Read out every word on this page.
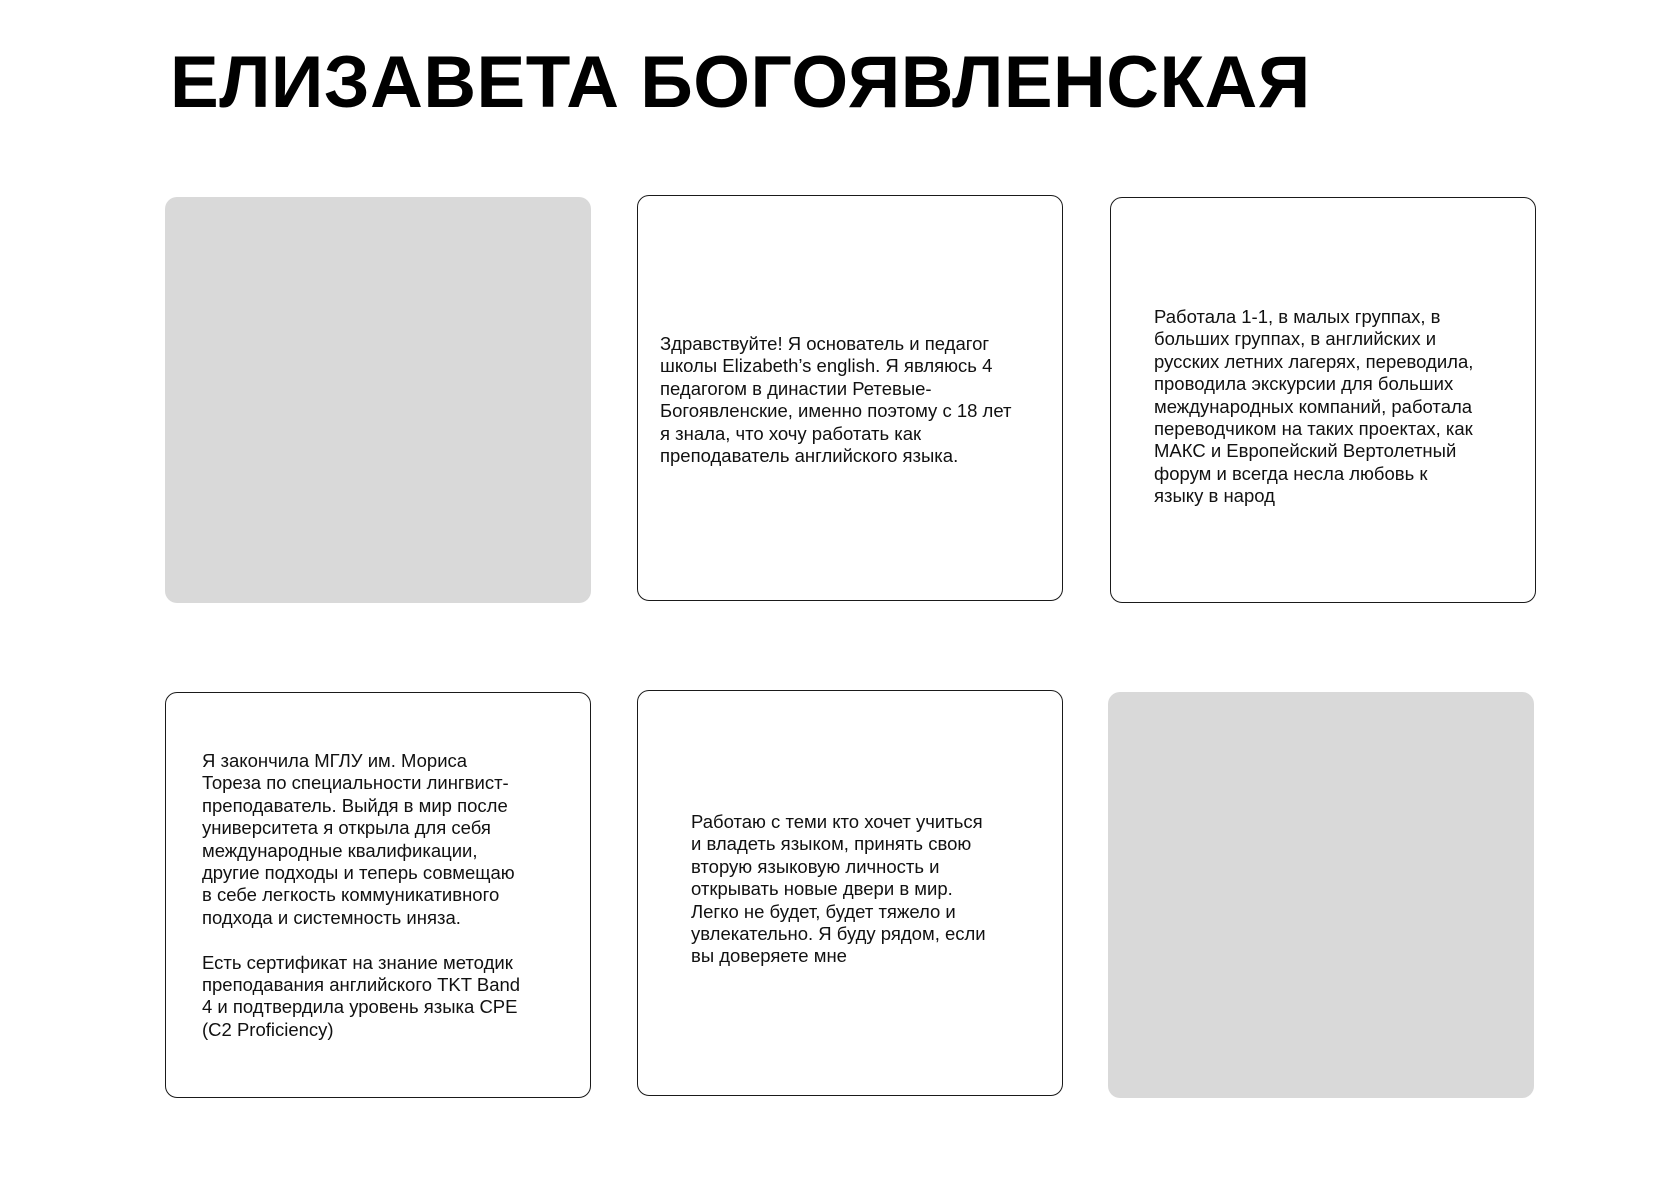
ЕЛИЗАВЕТА БОГОЯВЛЕНСКАЯ
Здравствуйте! Я основатель и педагог
школы Elizabeth’s english. Я являюсь 4
педагогом в династии Ретевые-
Богоявленские, именно поэтому с 18 лет
я знала, что хочу работать как
преподаватель английского языка.
Работала 1-1, в малых группах, в
больших группах, в английских и
русских летних лагерях, переводила,
проводила экскурсии для больших
международных компаний, работала
переводчиком на таких проектах, как
МАКС и Европейский Вертолетный
форум и всегда несла любовь к
языку в народ
Я закончила МГЛУ им. Мориса
Тореза по специальности лингвист-
преподаватель. Выйдя в мир после
университета я открыла для себя
международные квалификации,
другие подходы и теперь совмещаю
в себе легкость коммуникативного
подхода и системность иняза.

Есть сертификат на знание методик
преподавания английского TKT Band
4 и подтвердила уровень языка CPE
(C2 Proficiency)
Работаю с теми кто хочет учиться
и владеть языком, принять свою
вторую языковую личность и
открывать новые двери в мир.
Легко не будет, будет тяжело и
увлекательно. Я буду рядом, если
вы доверяете мне
